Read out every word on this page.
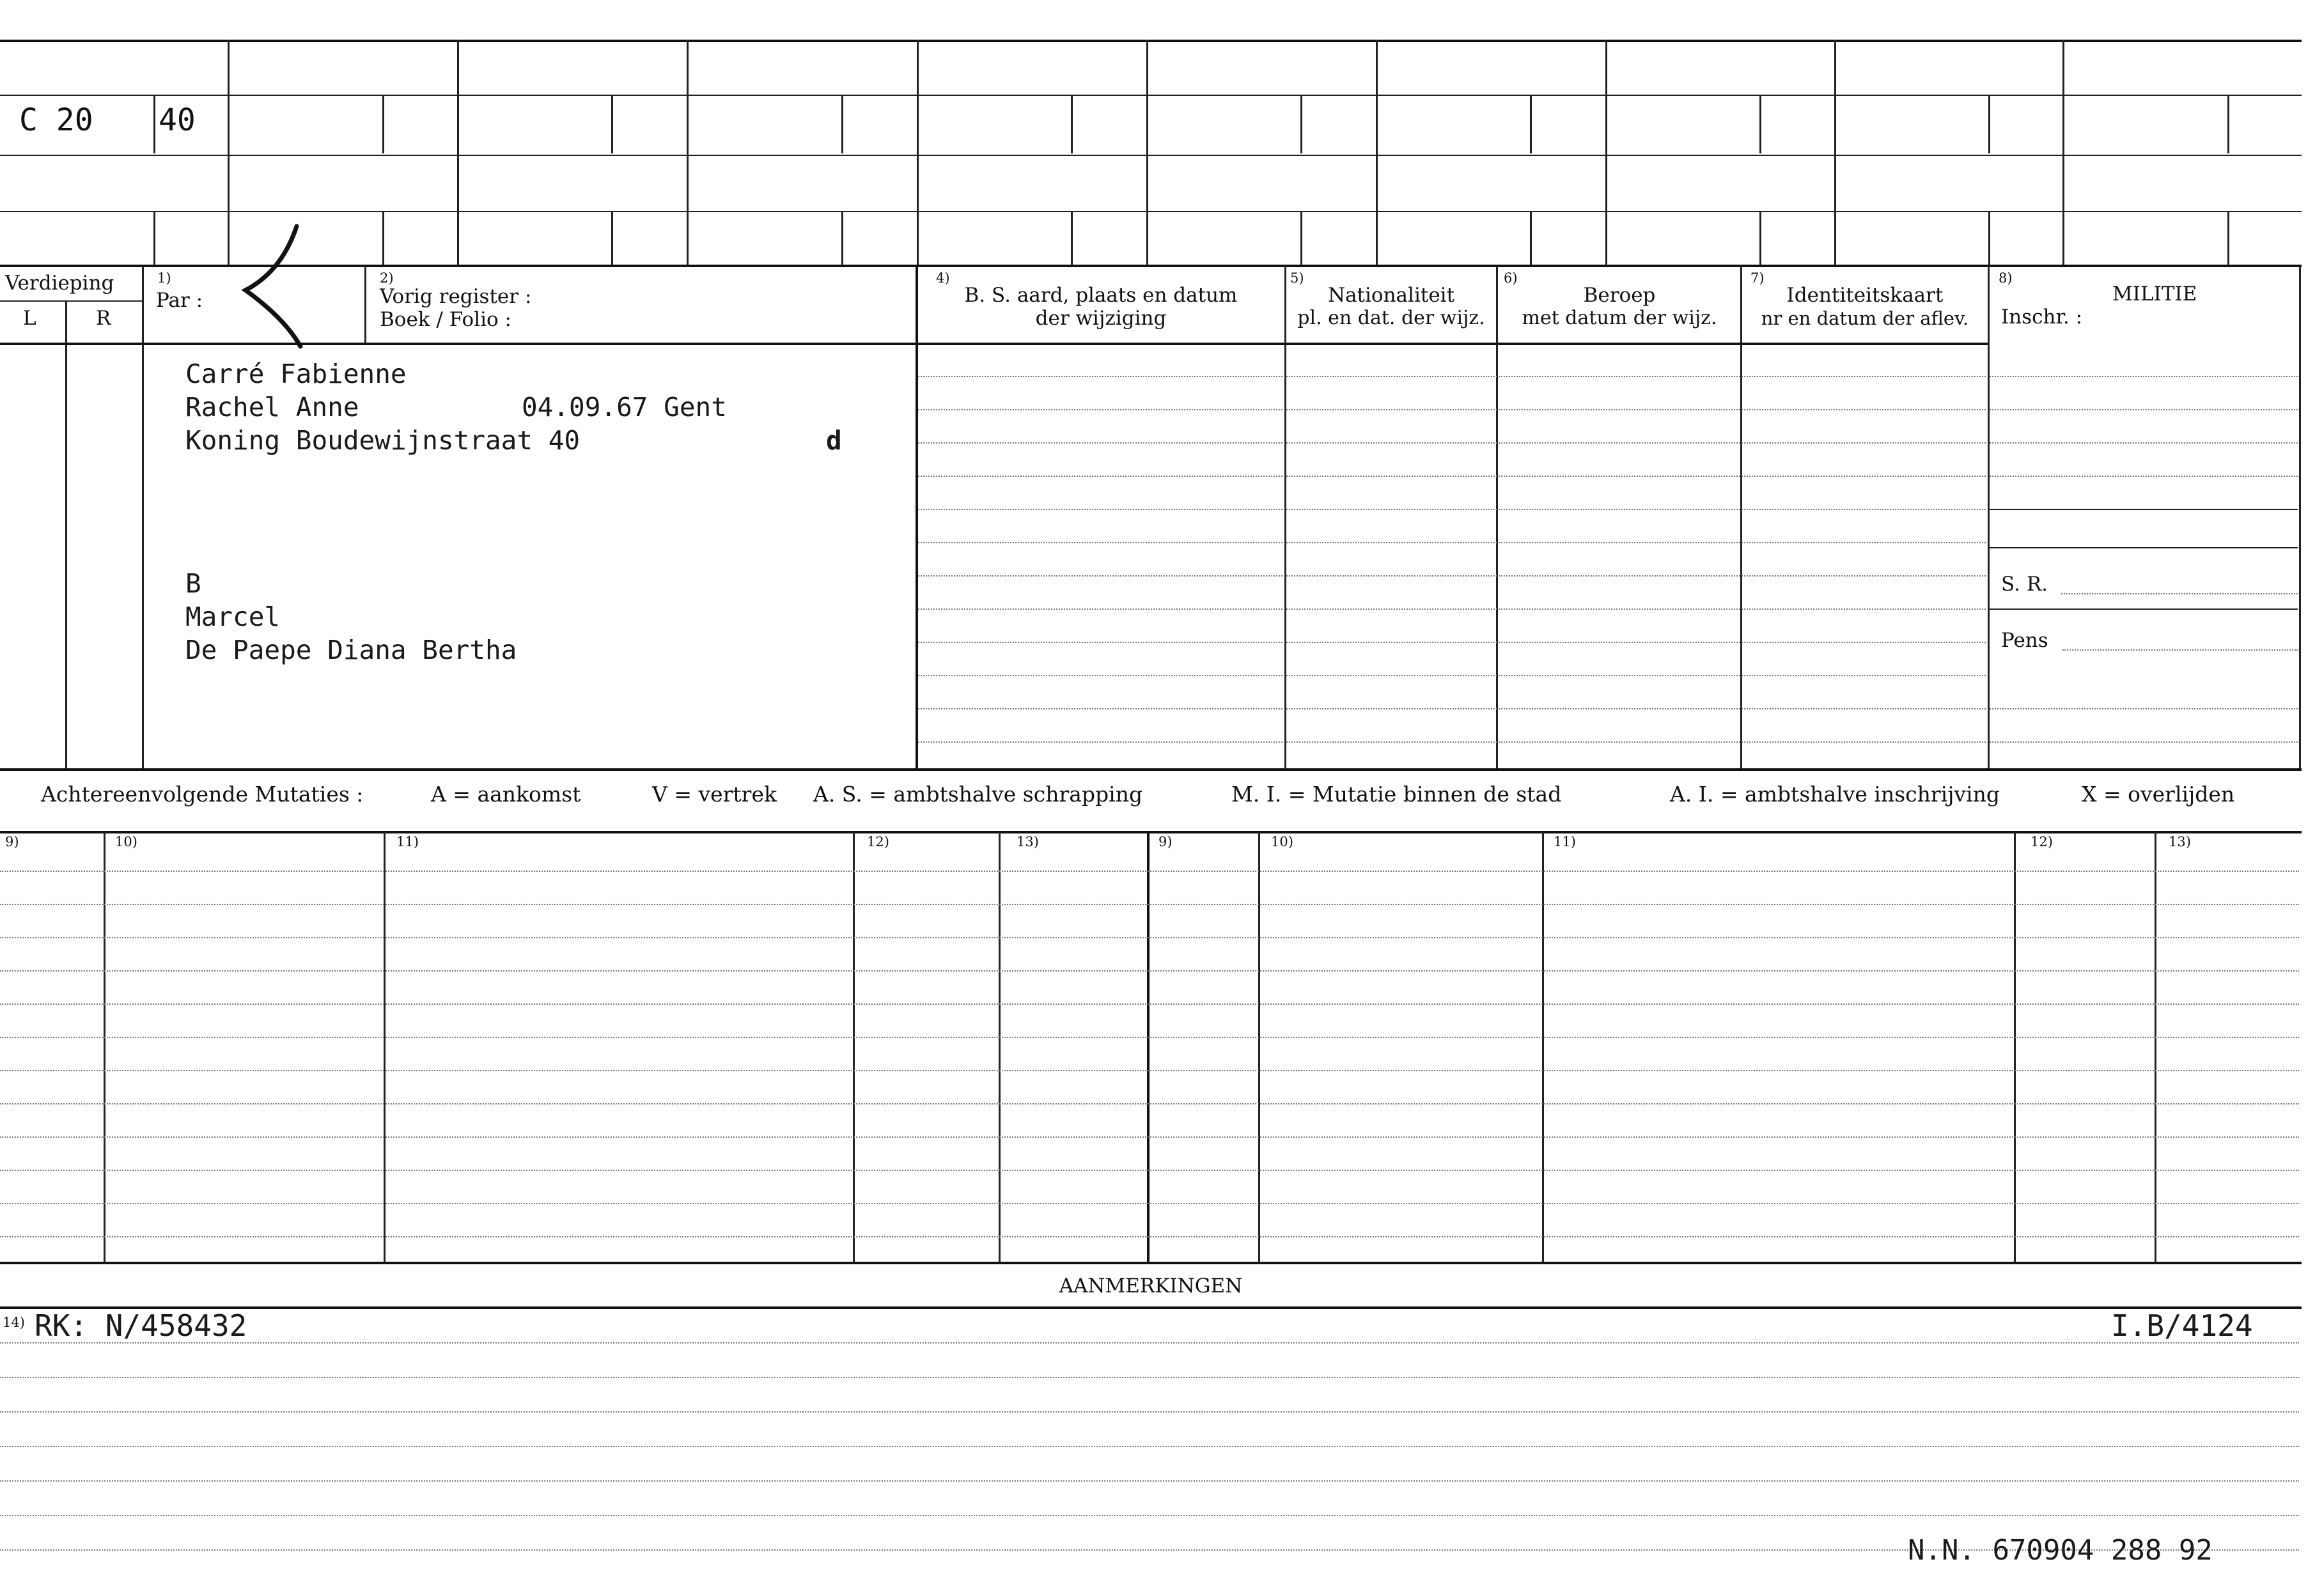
C 20 40
Verdieping
L	R
1)
Par :
2)
Vorig register :
Boek / Folio :
4)
B. S. aard, plaats en datum
der wijziging
5)
Nationaliteit
pl. en dat. der wijz.
6)
Beroep
met datum der wijz.
7)
Identiteitskaart
nr en datum der aflev.
8)
MILITIE
Inschr. :
S. R.
Pens
Carré Fabienne
Rachel Anne	04.09.67 Gent
Koning Boudewijnstraat 40	d
B
Marcel
De Paepe Diana Bertha
Achtereenvolgende Mutaties :	A = aankomst	V = vertrek A. S. = ambtshalve schrapping	M. I. = Mutatie binnen de stad	A. I. = ambtshalve inschrijving	X = overlijden
9)	10)	11)	12)	13)	9)	10)	11)	12)	13)
AANMERKINGEN
14) RK: N/458432	I.B/4124
N.N. 670904 288 92
